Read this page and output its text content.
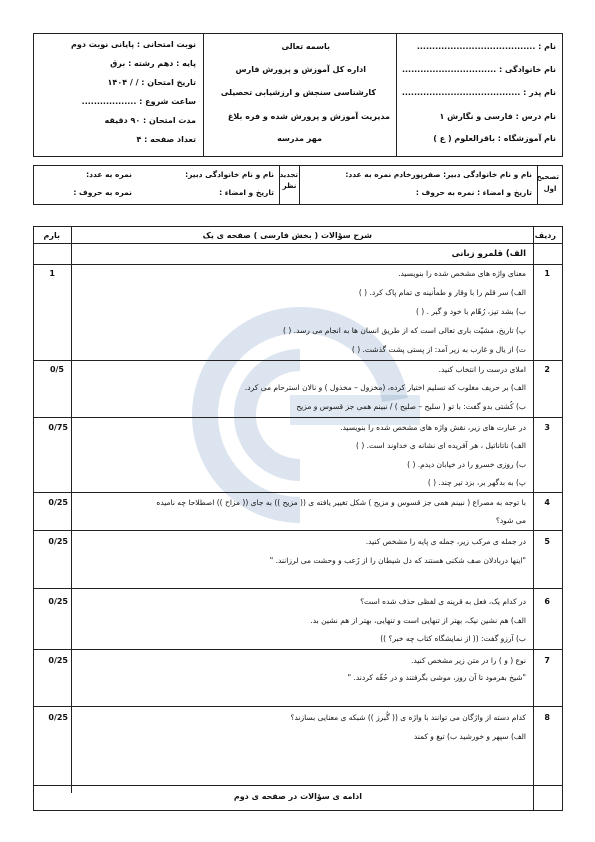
نام : .......................................
نام خانوادگی : ...............................
نام پدر : .......................................
نام درس : فارسی و نگارش ۱
نام آموزشگاه : باقرالعلوم ( ع )
باسمه تعالی
اداره کل آموزش و پرورش فارس
کارشناسی سنجش و ارزشیابی تحصیلی
مدیریت آموزش و پرورش شده و فره بلاغ
مهر مدرسه
نوبت امتحانی : پایانی نوبت دوم
پایه : دهم رشته : برق
تاریخ امتحان : / / ۱۴۰۴
ساعت شروع : ..................
مدت امتحان : ۹۰ دقیقه
تعداد صفحه : ۴
تصحیح اول
نام و نام خانوادگی دبیر: صفرپورخادم نمره به عدد:
تاریخ و امضاء : نمره به حروف :
تجدید نظر
نام و نام خانوادگی دبیر:
نمره به عدد:
تاریخ و امضاء :
نمره به حروف :
ردیف
شرح سؤالات ( بخش فارسی ) صفحه ی یک
بارم
الف) قلمرو زبانی
1
1	معنای واژه های مشخص شده را بنویسید.
الف) سر قلم را با وقار و طمأنینه ی تمام پاک کرد. ( )
ب) بشد تیز، رُهّام با خود و گبر . ( )
پ) تاریخ، مشیّت باری تعالی است که از طریق انسان ها به انجام می رسد. ( )
ت) از یال و غارب به زیر آمد: از پستی پشت گذشت. ( )
2
0/5	املای درست را انتخاب کنید.
الف) بر حریف مغلوب که تسلیم اختیار کرده، (مخزول – مخذول ) و نالان استرحام می کرد.
ب) کُشتی بدو گفت: با تو ( سلیح – صلیح ) / نبینم همی جز قسوس و مزیح
3
0/75	در عبارت های زیر، نقش واژه های مشخص شده را بنویسید.
الف) ناتاناتیل ، هر آفریده ای نشانه ی خداوند است. ( )
ب) روزی خسرو را در خیابان دیدم. ( )
پ) به بدگهر بر، بزد تیر چند. ( )
4
0/25	با توجه به مصراع ( نبینم همی جز قسوس و مزیح ) شکل تغییر یافته ی (( مزیح )) به جای (( مزاح )) اصطلاحا چه نامیده
می شود؟
5
0/25	در جمله ی مرکب زیر، جمله ی پایه را مشخص کنید.
"اینها دربادلان صف شکنی هستند که دل شیطان را از رُعب و وحشت می لرزانند. "
6
0/25	در کدام یک، فعل به قرینه ی لفظی حذف شده است؟
الف) هم نشین نیک، بهتر از تنهایی است و تنهایی، بهتر از هم نشین بد.
ب) آرزو گفت: (( از نمایشگاه کتاب چه خبر؟ ))
7
0/25	نوع ( و ) را در متن زیر مشخص کنید.
"شیخ بفرمود تا آن روز، موشی بگرفتند و در حُقّه کردند. "
8
0/25	کدام دسته از واژگان می توانند با واژه ی (( گُبرز )) شبکه ی معنایی بسازند؟
الف) سپهر و خورشید ب) تیغ و کمند
ادامه ی سؤالات در صفحه ی دوم
